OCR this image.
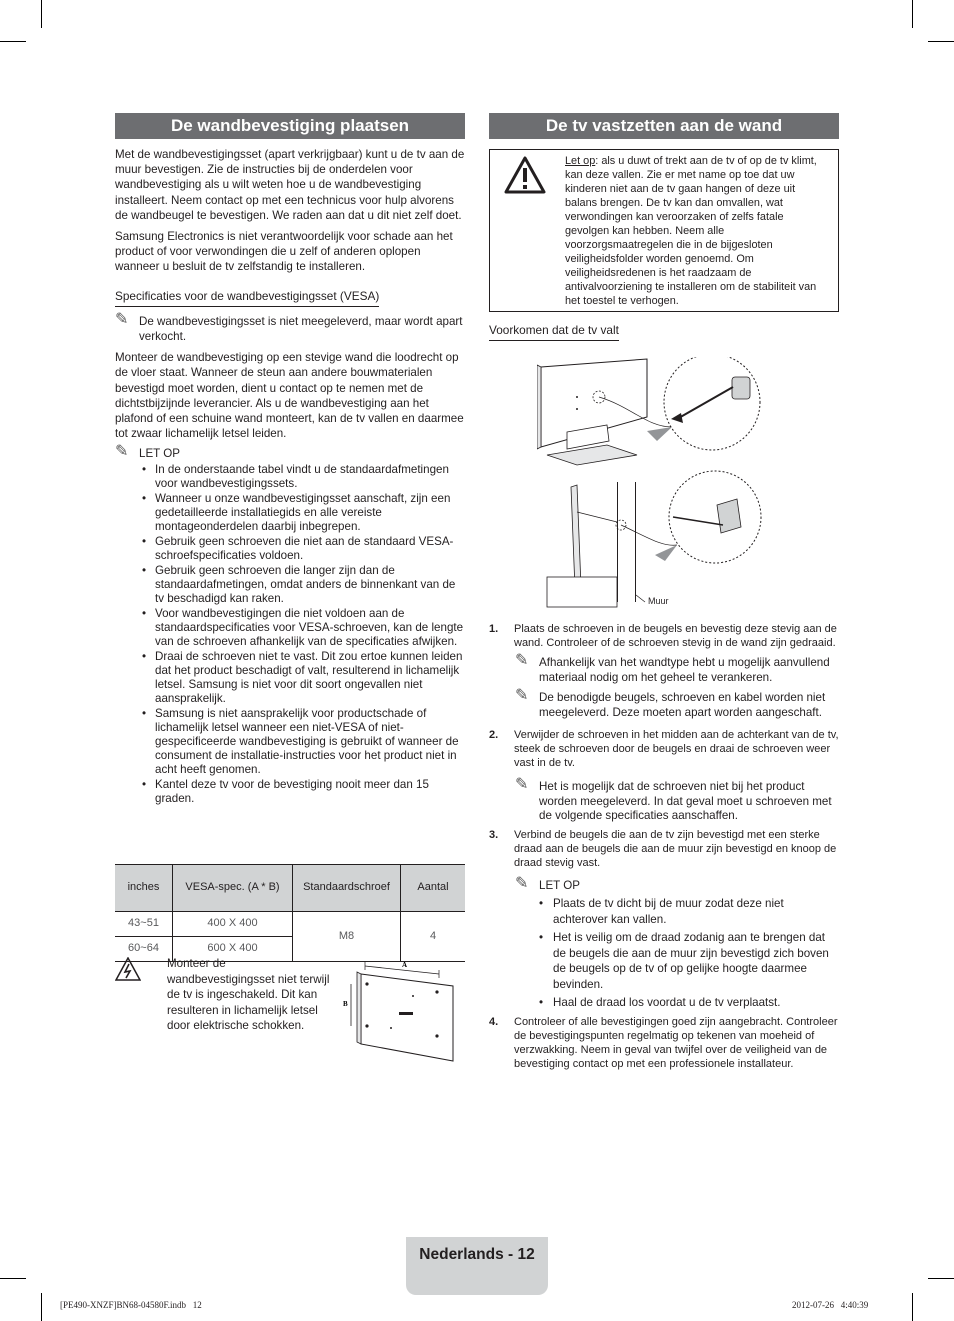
De wandbevestiging plaatsen

Met de wandbevestigingsset (apart verkrijgbaar) kunt u de tv aan de muur bevestigen. Zie de instructies bij de onderdelen voor wandbevestiging als u wilt weten hoe u de wandbevestiging installeert. Neem contact op met een technicus voor hulp alvorens de wandbeugel te bevestigen. We raden aan dat u dit niet zelf doet.

Samsung Electronics is niet verantwoordelijk voor schade aan het product of voor verwondingen die u zelf of anderen oplopen wanneer u besluit de tv zelfstandig te installeren.

Specificaties voor de wandbevestigingsset (VESA)
✎ De wandbevestigingsset is niet meegeleverd, maar wordt apart verkocht.

Monteer de wandbevestiging op een stevige wand die loodrecht op de vloer staat. Wanneer de steun aan andere bouwmaterialen bevestigd moet worden, dient u contact op te nemen met de dichtstbijzijnde leverancier. Als u de wandbevestiging aan het plafond of een schuine wand monteert, kan de tv vallen en daarmee tot zwaar lichamelijk letsel leiden.

✎ LET OP
• In de onderstaande tabel vindt u de standaardafmetingen voor wandbevestigingssets.
• Wanneer u onze wandbevestigingsset aanschaft, zijn een gedetailleerde installatiegids en alle vereiste montageonderdelen daarbij inbegrepen.
• Gebruik geen schroeven die niet aan de standaard VESA-schroefspecificaties voldoen.
• Gebruik geen schroeven die langer zijn dan de standaardafmetingen, omdat anders de binnenkant van de tv beschadigd kan raken.
• Voor wandbevestigingen die niet voldoen aan de standaardspecificaties voor VESA-schroeven, kan de lengte van de schroeven afhankelijk van de specificaties afwijken.
• Draai de schroeven niet te vast. Dit zou ertoe kunnen leiden dat het product beschadigt of valt, resulterend in lichamelijk letsel. Samsung is niet voor dit soort ongevallen niet aansprakelijk.
• Samsung is niet aansprakelijk voor productschade of lichamelijk letsel wanneer een niet-VESA of niet-gespecificeerde wandbevestiging is gebruikt of wanneer de consument de installatie-instructies voor het product niet in acht heeft genomen.
• Kantel deze tv voor de bevestiging nooit meer dan 15 graden.
inches	VESA-spec. (A * B)	Standaardschroef	Aantal
43~51	400 X 400	M8	4
60~64	600 X 400		
Monteer de wandbevestigingsset niet terwijl de tv is ingeschakeld. Dit kan resulteren in lichamelijk letsel door elektrische schokken.
A
B
De tv vastzetten aan de wand
Let op: als u duwt of trekt aan de tv of op de tv klimt, kan deze vallen. Zie er met name op toe dat uw kinderen niet aan de tv gaan hangen of deze uit balans brengen. De tv kan dan omvallen, wat verwondingen kan veroorzaken of zelfs fatale gevolgen kan hebben. Neem alle voorzorgsmaatregelen die in de bijgesloten veiligheidsfolder worden genoemd. Om veiligheidsredenen is het raadzaam de antivalvoorziening te installeren om de stabiliteit van het toestel te verhogen.
Voorkomen dat de tv valt
Muur
1. Plaats de schroeven in de beugels en bevestig deze stevig aan de wand. Controleer of de schroeven stevig in de wand zijn gedraaid.
✎ Afhankelijk van het wandtype hebt u mogelijk aanvullend materiaal nodig om het geheel te verankeren.
✎ De benodigde beugels, schroeven en kabel worden niet meegeleverd. Deze moeten apart worden aangeschaft.
2. Verwijder de schroeven in het midden aan de achterkant van de tv, steek de schroeven door de beugels en draai de schroeven weer vast in de tv.
✎ Het is mogelijk dat de schroeven niet bij het product worden meegeleverd. In dat geval moet u schroeven met de volgende specificaties aanschaffen.
3. Verbind de beugels die aan de tv zijn bevestigd met een sterke draad aan de beugels die aan de muur zijn bevestigd en knoop de draad stevig vast.
✎ LET OP
• Plaats de tv dicht bij de muur zodat deze niet achterover kan vallen.
• Het is veilig om de draad zodanig aan te brengen dat de beugels die aan de muur zijn bevestigd zich boven de beugels op de tv of op gelijke hoogte daarmee bevinden.
• Haal de draad los voordat u de tv verplaatst.
4. Controleer of alle bevestigingen goed zijn aangebracht. Controleer de bevestigingspunten regelmatig op tekenen van moeheid of verzwakking. Neem in geval van twijfel over de veiligheid van de bevestiging contact op met een professionele installateur.
Nederlands - 12
[PE490-XNZF]BN68-04580F.indb   12	2012-07-26   4:40:39
